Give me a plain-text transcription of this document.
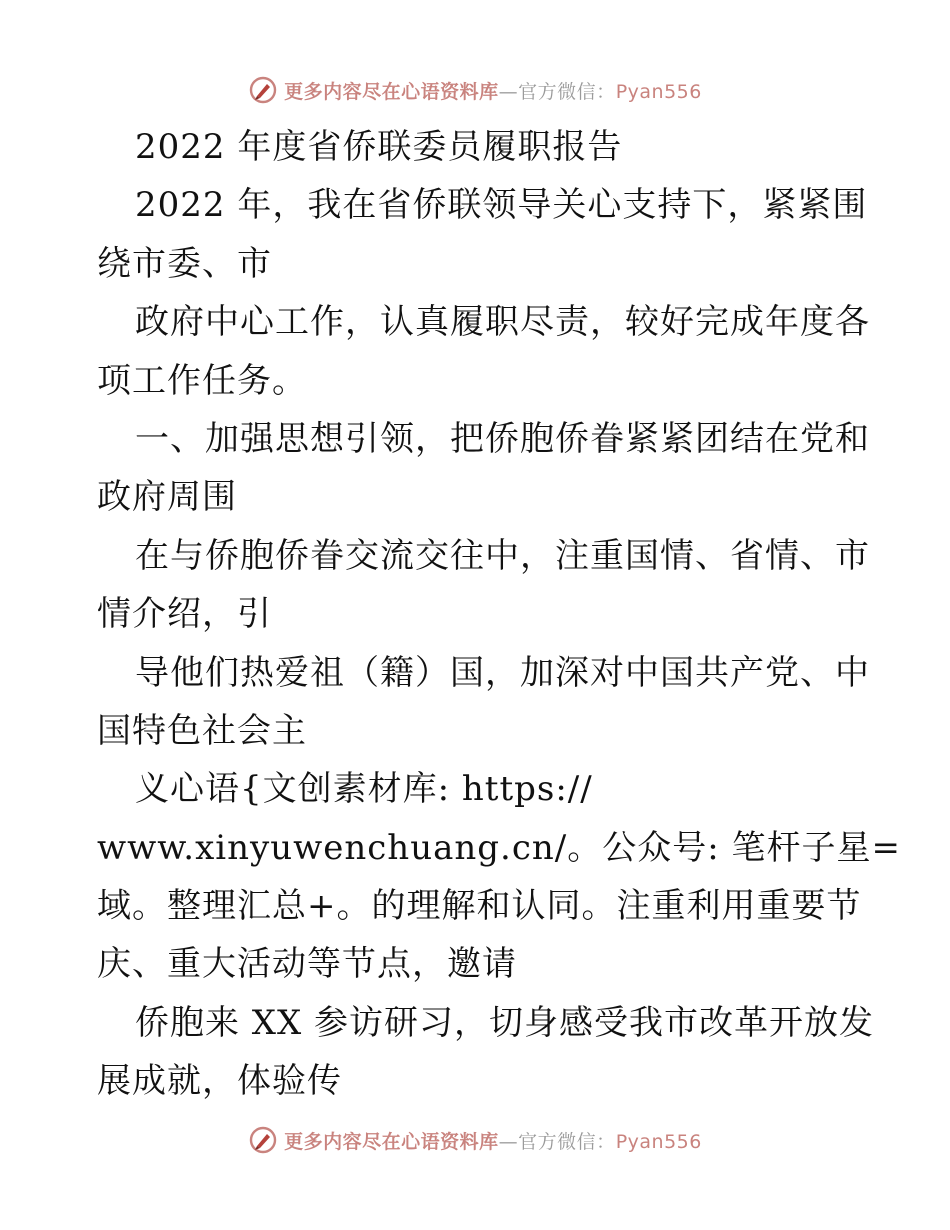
更多内容尽在心语资料库—官方微信：Pyan556
2022 年度省侨联委员履职报告
2022 年，我在省侨联领导关心支持下，紧紧围
绕市委、市
政府中心工作，认真履职尽责，较好完成年度各
项工作任务。
一、加强思想引领，把侨胞侨眷紧紧团结在党和
政府周围
在与侨胞侨眷交流交往中，注重国情、省情、市
情介绍，引
导他们热爱祖（籍）国，加深对中国共产党、中
国特色社会主
义心语{文创素材库: https://
www.xinyuwenchuang.cn/。公众号: 笔杆子星=
域。整理汇总+。的理解和认同。注重利用重要节
庆、重大活动等节点，邀请
侨胞来 XX 参访研习，切身感受我市改革开放发
展成就，体验传
更多内容尽在心语资料库—官方微信：Pyan556
